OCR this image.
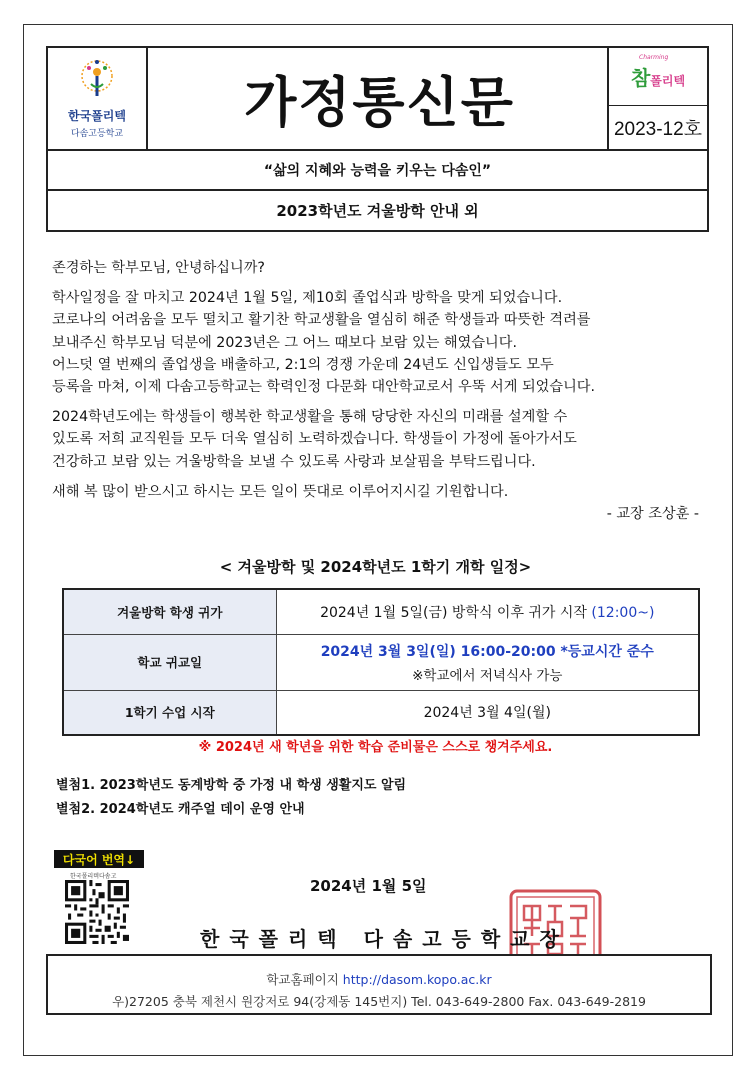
한국폴리텍
다솜고등학교	가정통신문
Charming
참폴리텍
2023-12호
“삶의 지혜와 능력을 키우는 다솜인”
2023학년도 겨울방학 안내 외

존경하는 학부모님, 안녕하십니까?

학사일정을 잘 마치고 2024년 1월 5일, 제10회 졸업식과 방학을 맞게 되었습니다.

코로나의 어려움을 모두 떨치고 활기찬 학교생활을 열심히 해준 학생들과 따뜻한 격려를

보내주신 학부모님 덕분에 2023년은 그 어느 때보다 보람 있는 해였습니다.

어느덧 열 번째의 졸업생을 배출하고, 2:1의 경쟁 가운데 24년도 신입생들도 모두

등록을 마쳐, 이제 다솜고등학교는 학력인정 다문화 대안학교로서 우뚝 서게 되었습니다.

2024학년도에는 학생들이 행복한 학교생활을 통해 당당한 자신의 미래를 설계할 수

있도록 저희 교직원들 모두 더욱 열심히 노력하겠습니다. 학생들이 가정에 돌아가서도

건강하고 보람 있는 겨울방학을 보낼 수 있도록 사랑과 보살핌을 부탁드립니다.

새해 복 많이 받으시고 하시는 모든 일이 뜻대로 이루어지시길 기원합니다.

- 교장 조상훈 -

< 겨울방학 및 2024학년도 1학기 개학 일정>
겨울방학 학생 귀가	2024년 1월 5일(금) 방학식 이후 귀가 시작 (12:00~)
학교 귀교일	2024년 3월 3일(일) 16:00-20:00 *등교시간 준수
※학교에서 저녁식사 가능

1학기 수업 시작	2024년 3월 4일(월)
※ 2024년 새 학년을 위한 학습 준비물은 스스로 챙겨주세요.
별첨1. 2023학년도 동계방학 중 가정 내 학생 생활지도 알림
별첨2. 2024학년도 캐주얼 데이 운영 안내
다국어 번역↓
한국폴리텍다솜고
2024년 1월 5일
한국폴리텍 다솜고등학교장
학교홈페이지 http://dasom.kopo.ac.kr
우)27205 충북 제천시 원강저로 94(강제동 145번지) Tel. 043-649-2800 Fax. 043-649-2819
